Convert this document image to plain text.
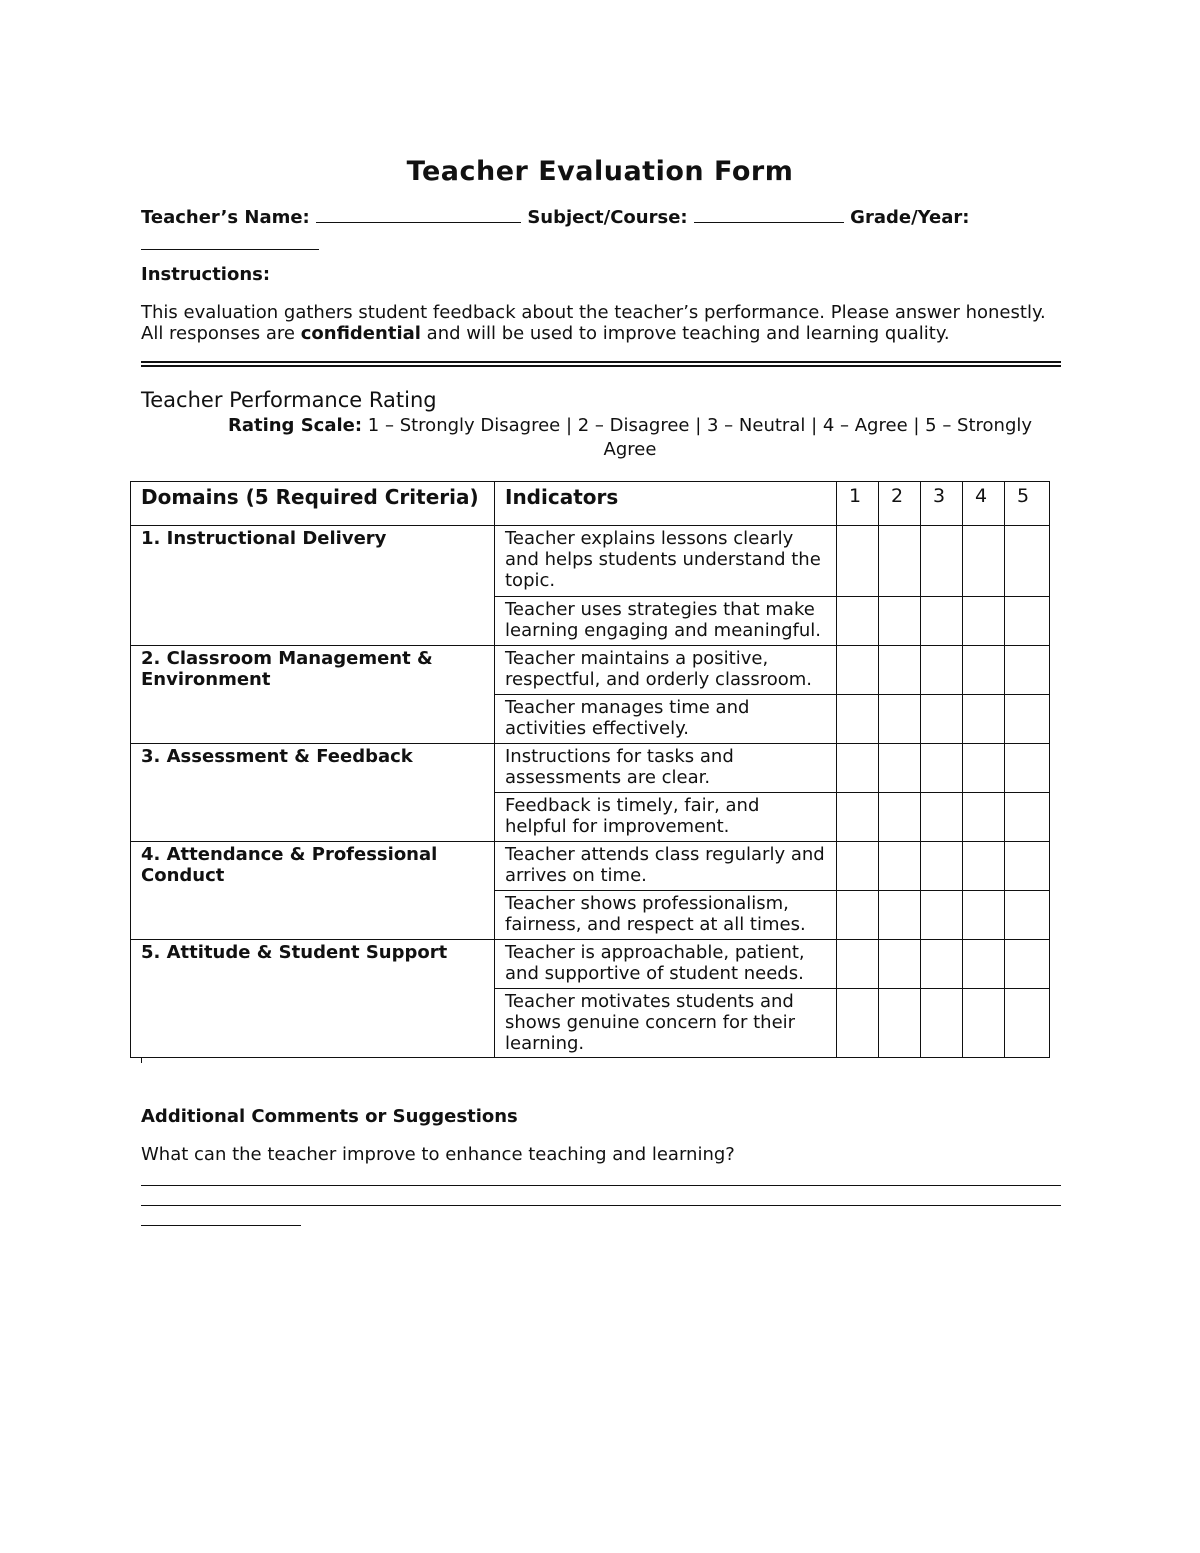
Teacher Evaluation Form
Teacher’s Name:	Subject/Course:	Grade/Year:

Instructions:
This evaluation gathers student feedback about the teacher’s performance. Please answer honestly. All responses are confidential and will be used to improve teaching and learning quality.
Teacher Performance Rating
Rating Scale: 1 – Strongly Disagree | 2 – Disagree | 3 – Neutral | 4 – Agree | 5 – Strongly Agree
Domains (5 Required Criteria)	Indicators	1	2	3	4	5
1. Instructional Delivery	Teacher explains lessons clearly and helps students understand the topic.					
	Teacher uses strategies that make learning engaging and meaningful.					
2. Classroom Management & Environment	Teacher maintains a positive, respectful, and orderly classroom.					
	Teacher manages time and activities effectively.					
3. Assessment & Feedback	Instructions for tasks and assessments are clear.					
	Feedback is timely, fair, and helpful for improvement.					
4. Attendance & Professional Conduct	Teacher attends class regularly and arrives on time.					
	Teacher shows professionalism, fairness, and respect at all times.					
5. Attitude & Student Support	Teacher is approachable, patient, and supportive of student needs.					
	Teacher motivates students and shows genuine concern for their learning.					
Additional Comments or Suggestions
What can the teacher improve to enhance teaching and learning?
